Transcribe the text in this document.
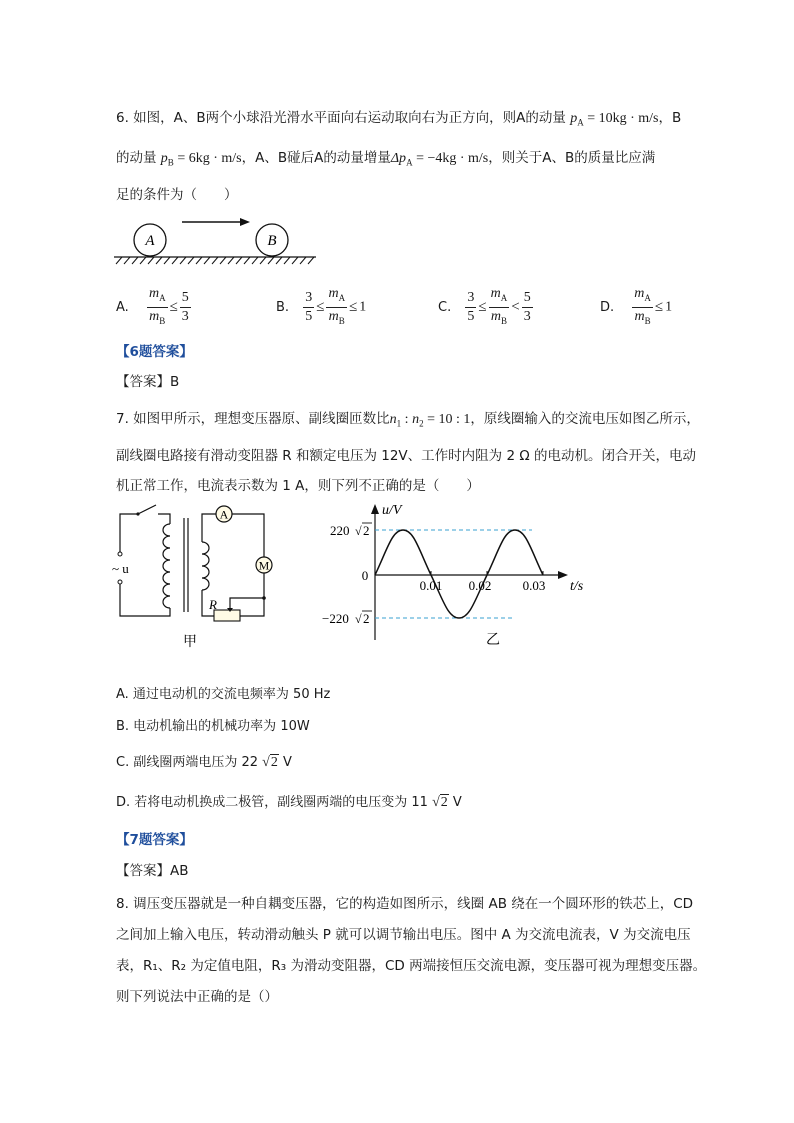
6. 如图，A、B两个小球沿光滑水平面向右运动取向右为正方向，则A的动量 $p_A = 10kg \cdot m/s$，B
的动量 $p_B = 6kg \cdot m/s$，A、B碰后A的动量增量$\Delta p_A = -4kg \cdot m/s$，则关于A、B的质量比应满
足的条件为（　　）
A	B
A. $\frac{m_A}{m_B} \le \frac{5}{3}$	B. $\frac{3}{5} \le \frac{m_A}{m_B} \le 1$	C. $\frac{3}{5} \le \frac{m_A}{m_B} < \frac{5}{3}$	D. $\frac{m_A}{m_B} \le 1$
【6题答案】
【答案】B
7. 如图甲所示，理想变压器原、副线圈匝数比$n_1$ : $n_2 = 10$ : 1，原线圈输入的交流电压如图乙所示，
副线圈电路接有滑动变阻器 R 和额定电压为 12V、工作时内阻为 2 Ω 的电动机。闭合开关，电动
机正常工作，电流表示数为 1 A，则下列不正确的是（　　）
~ u
A
M
R
甲
u/V
t/s
0
220 √ 2
−220 √ 2
0.01 0.02 0.03
乙
A. 通过电动机的交流电频率为 50 Hz
B. 电动机输出的机械功率为 10W
C. 副线圈两端电压为 22 √2 V
D. 若将电动机换成二极管，副线圈两端的电压变为 11 √2 V
【7题答案】
【答案】AB
8. 调压变压器就是一种自耦变压器，它的构造如图所示，线圈 AB 绕在一个圆环形的铁芯上，CD
之间加上输入电压，转动滑动触头 P 就可以调节输出电压。图中 A 为交流电流表，V 为交流电压
表，R₁、R₂ 为定值电阻，R₃ 为滑动变阻器，CD 两端接恒压交流电源，变压器可视为理想变压器。
则下列说法中正确的是（）
